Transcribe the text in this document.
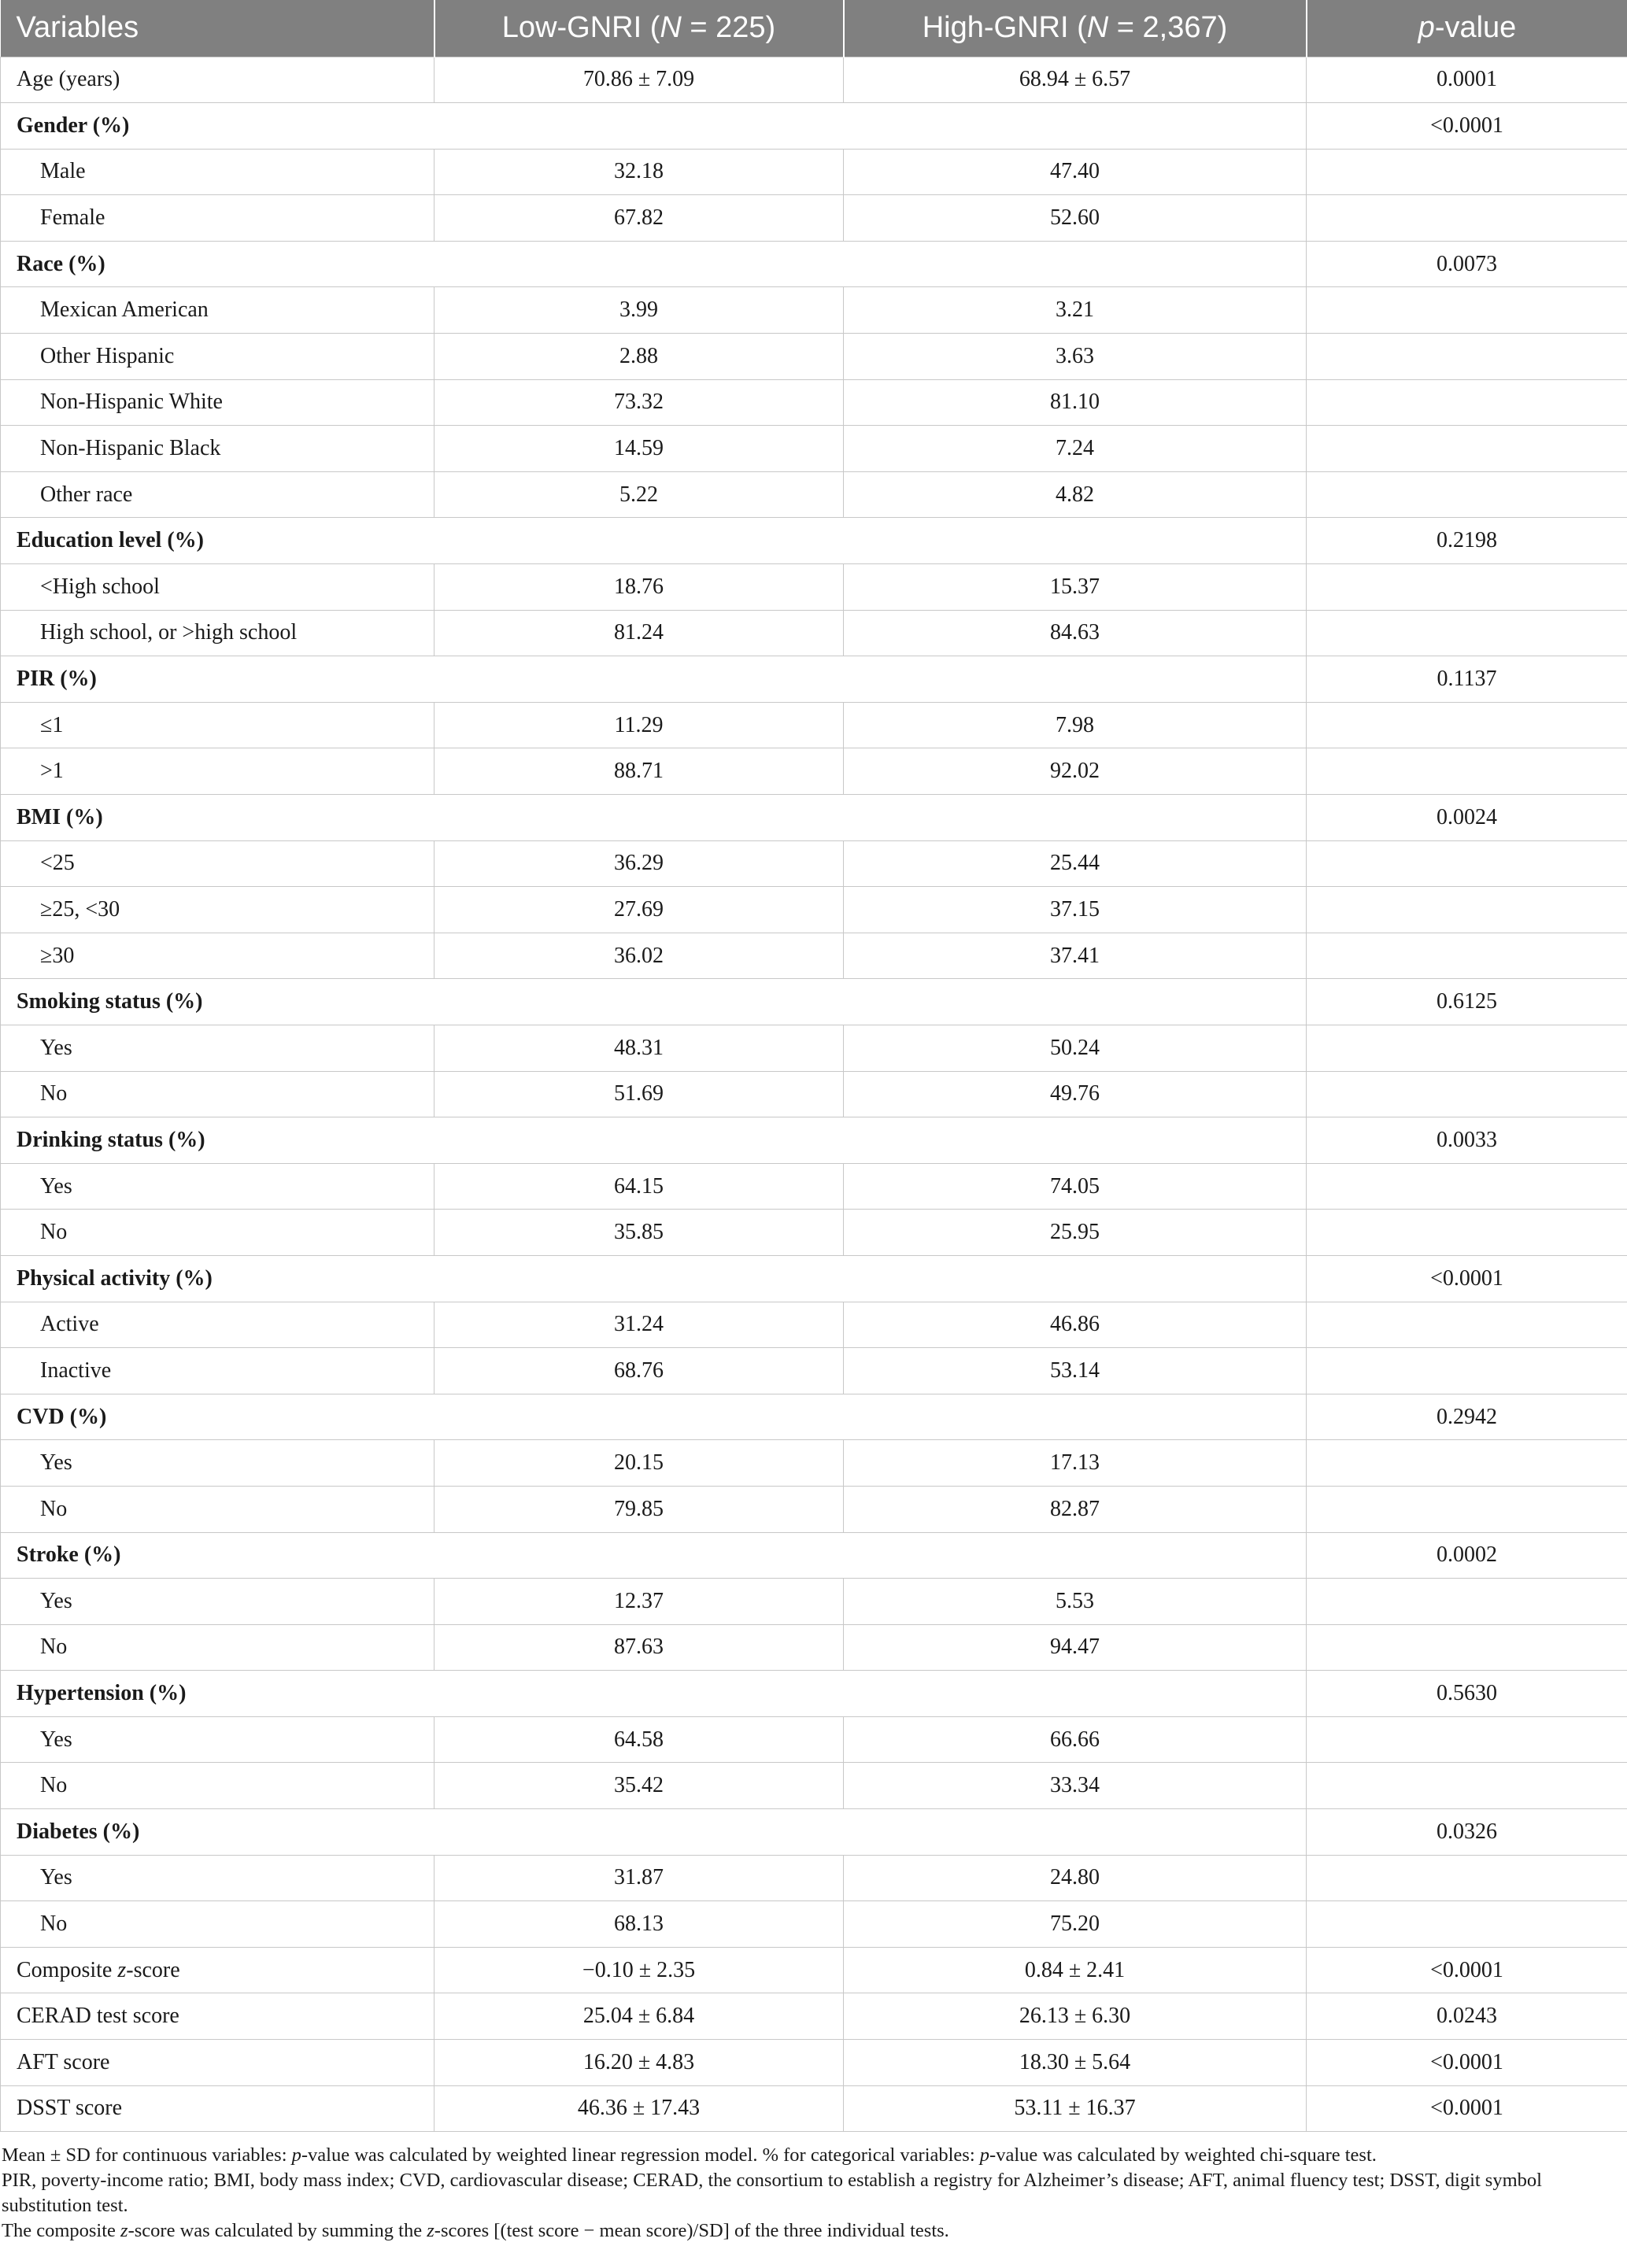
Variables	Low-GNRI (N = 225)	High-GNRI (N = 2,367)	p-value
Age (years)	70.86 ± 7.09	68.94 ± 6.57	0.0001
Gender (%)			<0.0001
Male	32.18	47.40	
Female	67.82	52.60	
Race (%)			0.0073
Mexican American	3.99	3.21	
Other Hispanic	2.88	3.63	
Non-Hispanic White	73.32	81.10	
Non-Hispanic Black	14.59	7.24	
Other race	5.22	4.82	
Education level (%)			0.2198
<High school	18.76	15.37	
High school, or >high school	81.24	84.63	
PIR (%)			0.1137
≤1	11.29	7.98	
>1	88.71	92.02	
BMI (%)			0.0024
<25	36.29	25.44	
≥25, <30	27.69	37.15	
≥30	36.02	37.41	
Smoking status (%)			0.6125
Yes	48.31	50.24	
No	51.69	49.76	
Drinking status (%)			0.0033
Yes	64.15	74.05	
No	35.85	25.95	
Physical activity (%)			<0.0001
Active	31.24	46.86	
Inactive	68.76	53.14	
CVD (%)			0.2942
Yes	20.15	17.13	
No	79.85	82.87	
Stroke (%)			0.0002
Yes	12.37	5.53	
No	87.63	94.47	
Hypertension (%)			0.5630
Yes	64.58	66.66	
No	35.42	33.34	
Diabetes (%)			0.0326
Yes	31.87	24.80	
No	68.13	75.20	
Composite z-score	−0.10 ± 2.35	0.84 ± 2.41	<0.0001
CERAD test score	25.04 ± 6.84	26.13 ± 6.30	0.0243
AFT score	16.20 ± 4.83	18.30 ± 5.64	<0.0001
DSST score	46.36 ± 17.43	53.11 ± 16.37	<0.0001

Mean ± SD for continuous variables: p-value was calculated by weighted linear regression model. % for categorical variables: p-value was calculated by weighted chi-square test.

PIR, poverty-income ratio; BMI, body mass index; CVD, cardiovascular disease; CERAD, the consortium to establish a registry for Alzheimer’s disease; AFT, animal fluency test; DSST, digit symbol substitution test.

The composite z-score was calculated by summing the z-scores [(test score − mean score)/SD] of the three individual tests.
